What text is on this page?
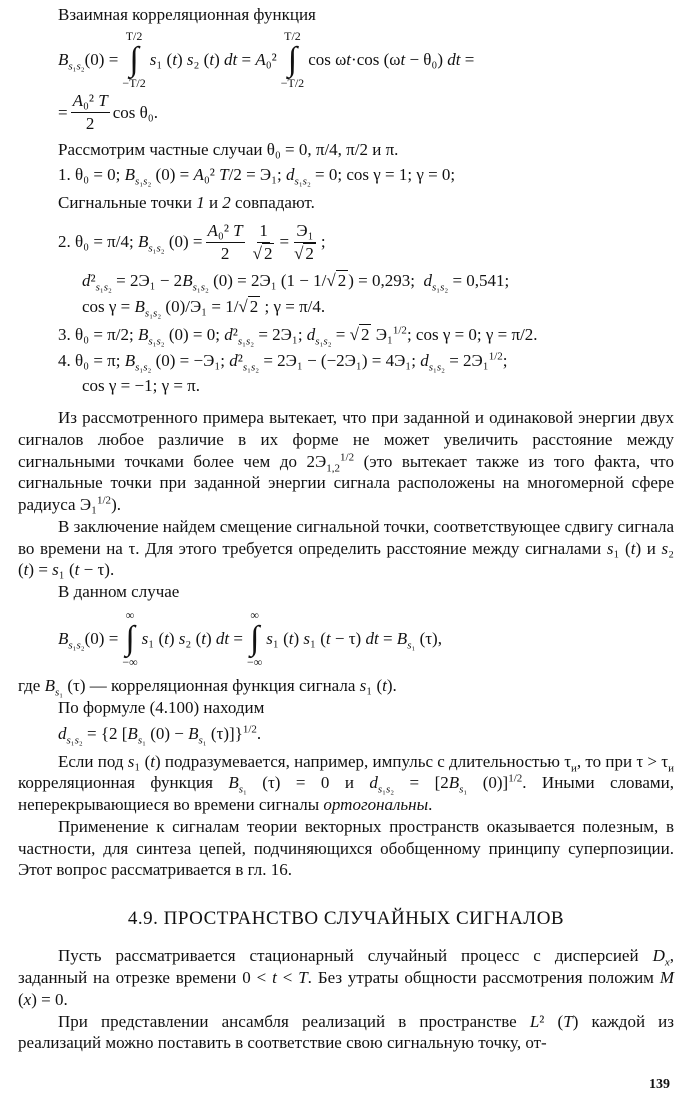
Взаимная корреляционная функция

$B_{s_1s_2}(0)$ =
T/2
∫
−T/2
s₁ (t) s₂ (t) dt = A₀²
T/2
∫
−T/2
cos ωt·cos (ωt − θ₀) dt =
= $\frac{\text{A₀² T}}{2}$ cos θ₀.

Рассмотрим частные случаи θ₀ = 0, π/4, π/2 и π.

1. θ₀ = 0; $B_{s_1s_2}$ (0) = A₀² T/2 = Э₁; $d_{s_1s_2} = 0$; cos γ = 1; γ = 0;

Сигнальные точки 1 и 2 совпадают.

2. θ₀ = π/4; $B_{s_1s_2}$ $(0) = \frac{\text{A₀² T}}{2} \frac{1}{√ 2} = \frac{\text{Э₁}}{√ 2}$ ;

$d^2_{s_1s_2} = 2Э_1 - 2B_{s_1s_2}$ (0) = 2Э₁ (1 − 1/√ 2 ) = 0,293;  $d_{s_1s_2} = 0,541$;

$\cos \gamma = B_{s_1s_2}$ (0)/Э₁ = 1/√ 2 ; γ = π/4.

3. θ₀ = π/2; $B_{s_1s_2}$ (0) = 0; $d^2_{s_1s_2} = 2Э_1$; $d_{s_1s_2}$ = √ 2 Э₁$^{1/2}$; cos γ = 0; γ = π/2.

4. θ₀ = π; $B_{s_1s_2}$ (0) = −Э₁; $d^2_{s_1s_2} = 2Э_1 - (-2Э_1) = 4Э_1$; $d_{s_1s_2} = 2Э_1^{1/2}$;

cos γ = −1; γ = π.

Из рассмотренного примера вытекает, что при заданной и одинаковой энергии двух сигналов любое различие в их форме не может увеличить расстояние между сигнальными точками более чем до $2Э_{1,2}^{1/2}$ (это вытекает также из того факта, что сигнальные точки при заданной энергии сигнала расположены на многомерной сфере радиуса Э₁$^{1/2}$).

В заключение найдем смещение сигнальной точки, соответствующее сдвигу сигнала во времени на τ. Для этого требуется определить расстояние между сигналами s₁ (t) и s₂ (t) = s₁ (t − τ).

В данном случае

$B_{s_1s_2}(0)$ =
∞
∫
−∞
s₁ (t) s₂ (t) dt =
∞
∫
−∞
s₁ (t) s₁ (t − τ) dt = $B_{s_1}$ (τ),

где $B_{s_1}$ (τ) — корреляционная функция сигнала s₁ (t).

По формуле (4.100) находим

$d_{s_1s_2} = \{2$ [$B_{s_1}$ $(0) - B_{s_1}$ (τ)]}$^{1/2}$.

Если под s₁ (t) подразумевается, например, импульс с длительностью $\tau_и$, то при $\tau > \tau_и$ корреляционная функция $B_{s_1}$ (τ) = 0 и $d_{s_1s_2} = [2B_{s_1}$ (0)]$^{1/2}$. Иными словами, неперекрывающиеся во времени сигналы ортогональны.

Применение к сигналам теории векторных пространств оказывается полезным, в частности, для синтеза цепей, подчиняющихся обобщенному принципу суперпозиции. Этот вопрос рассматривается в гл. 16.

4.9. ПРОСТРАНСТВО СЛУЧАЙНЫХ СИГНАЛОВ

Пусть рассматривается стационарный случайный процесс с дисперсией $D_x$, заданный на отрезке времени 0 < t < T. Без утраты общности рассмотрения положим M (x) = 0.

При представлении ансамбля реализаций в пространстве L² (T) каждой из реализаций можно поставить в соответствие свою сигнальную точку, от-

139
